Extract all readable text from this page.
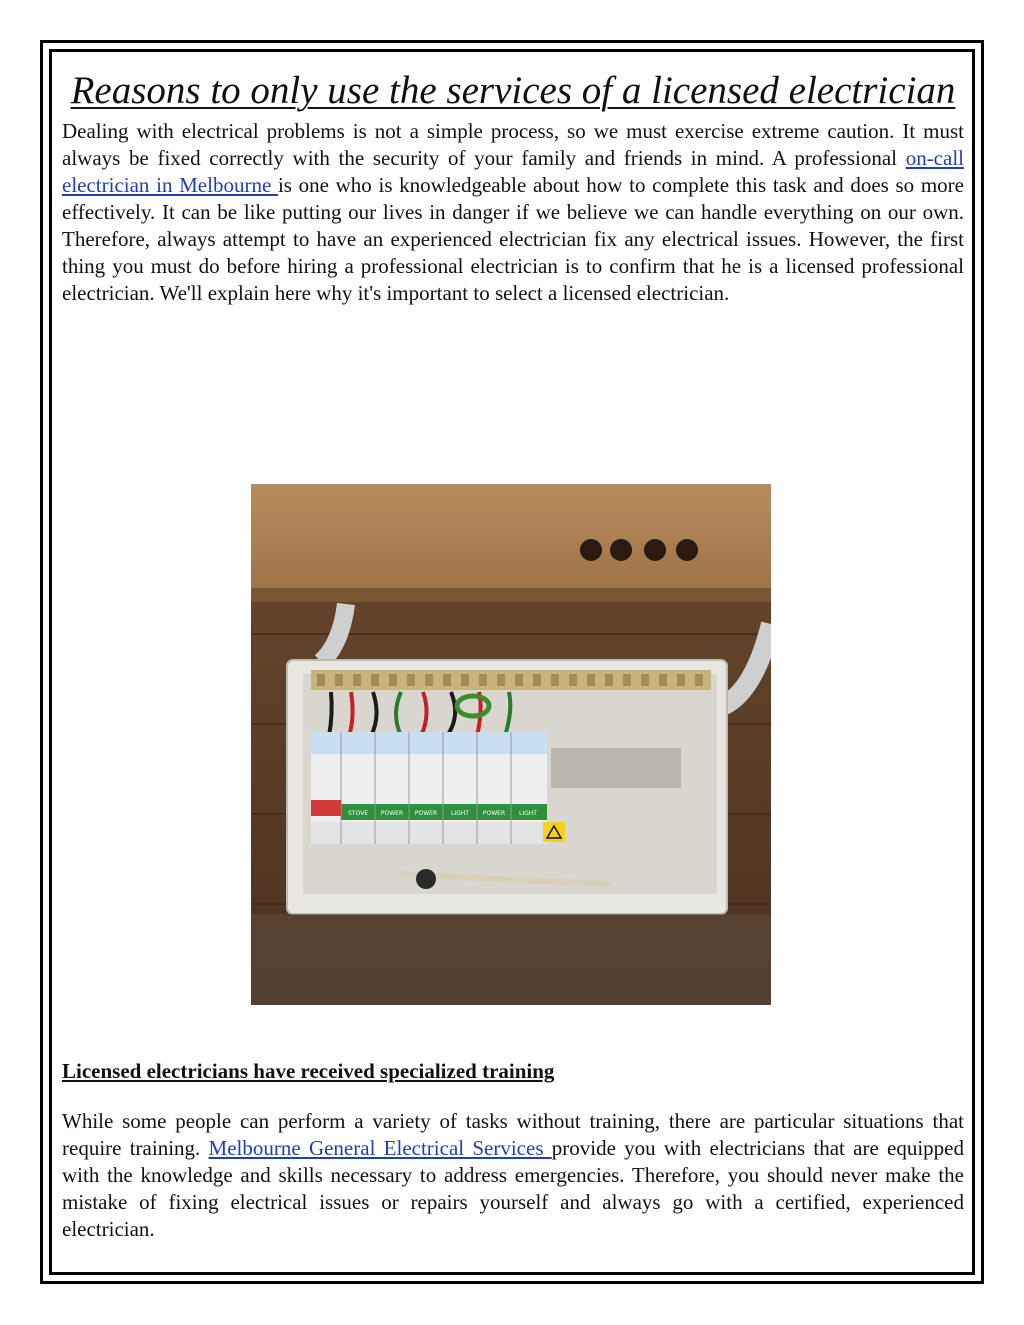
Reasons to only use the services of a licensed electrician

Dealing with electrical problems is not a simple process, so we must exercise extreme caution. It must always be fixed correctly with the security of your family and friends in mind. A professional on-call electrician in Melbourne is one who is knowledgeable about how to complete this task and does so more effectively. It can be like putting our lives in danger if we believe we can handle everything on our own. Therefore, always attempt to have an experienced electrician fix any electrical issues. However, the first thing you must do before hiring a professional electrician is to confirm that he is a licensed professional electrician. We'll explain here why it's important to select a licensed electrician.

STOVE POWER POWER LIGHT POWER LIGHT
Licensed electricians have received specialized training

While some people can perform a variety of tasks without training, there are particular situations that require training. Melbourne General Electrical Services provide you with electricians that are equipped with the knowledge and skills necessary to address emergencies. Therefore, you should never make the mistake of fixing electrical issues or repairs yourself and always go with a certified, experienced electrician.
